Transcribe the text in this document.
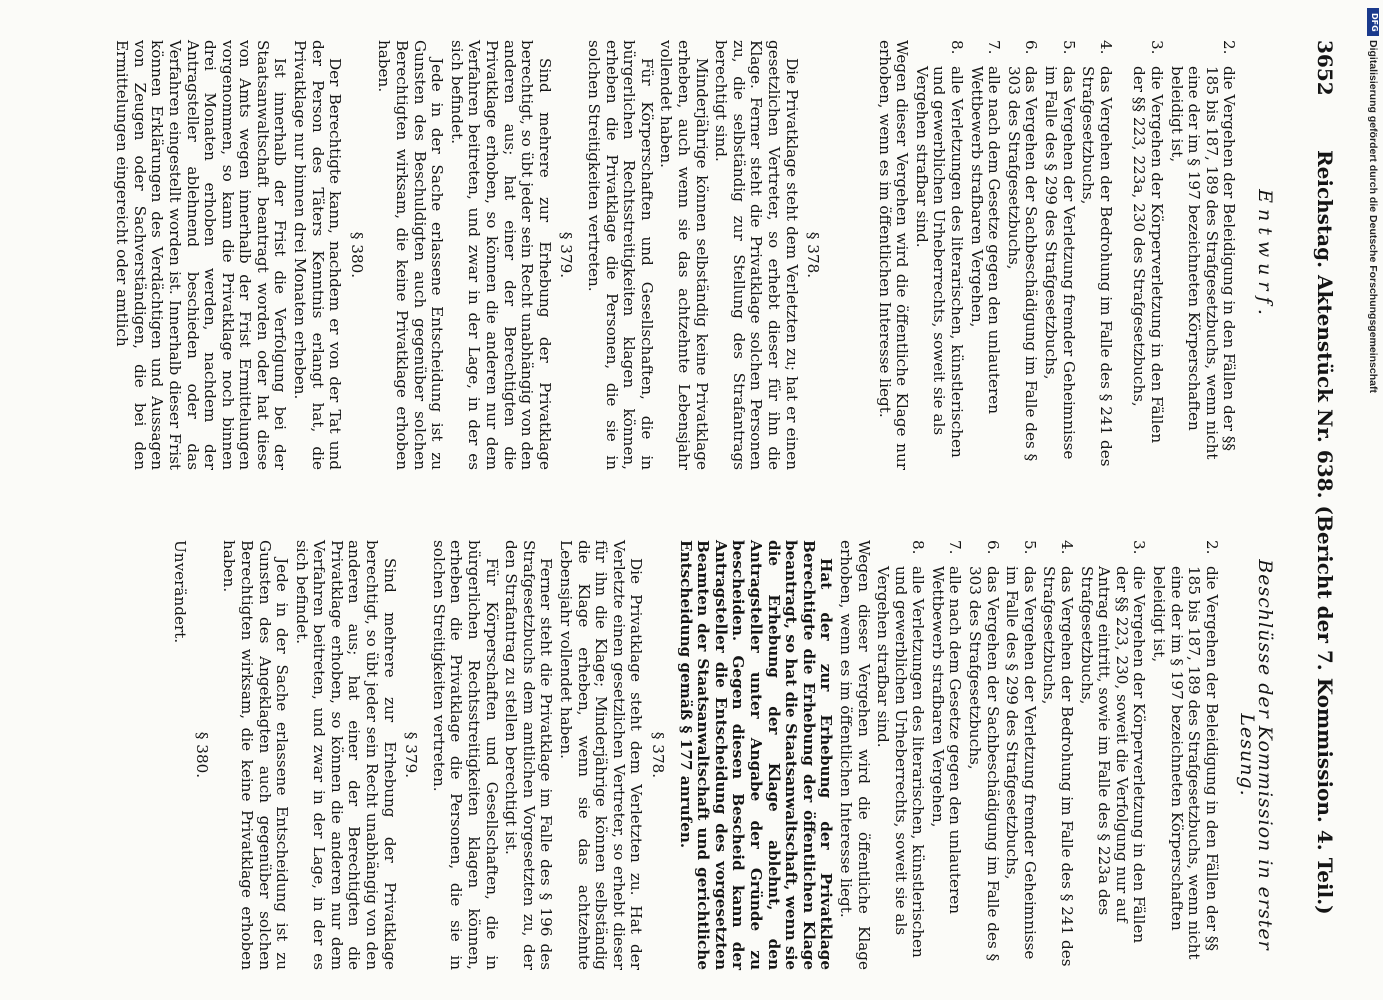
3652
Reichstag. Aktenstück Nr. 638. (Bericht der 7. Kommission. 4. Teil.)
Entwurf.
2.
die Vergehen der Beleidigung in den Fällen der §§ 185 bis 187, 189 des Strafgesetzbuchs, wenn nicht eine der im § 197 bezeichneten Körperschaften beleidigt ist,
3.
die Vergehen der Körperverletzung in den Fällen der §§ 223, 223a, 230 des Strafgesetzbuchs,
4.
das Vergehen der Bedrohung im Falle des § 241 des Strafgesetzbuchs,
5.
das Vergehen der Verletzung fremder Geheimnisse im Falle des § 299 des Strafgesetzbuchs,
6.
das Vergehen der Sachbeschädigung im Falle des § 303 des Strafgesetzbuchs,
7.
alle nach dem Gesetze gegen den unlauteren Wettbewerb strafbaren Vergehen,
8.
alle Verletzungen des literarischen, künstlerischen und gewerblichen Urheberrechts, soweit sie als Vergehen strafbar sind.

Wegen dieser Vergehen wird die öffentliche Klage nur erhoben, wenn es im öffentlichen Interesse liegt.

§ 378.

Die Privatklage steht dem Verletzten zu; hat er einen gesetzlichen Vertreter, so erhebt dieser für ihn die Klage. Ferner steht die Privatklage solchen Personen zu, die selbständig zur Stellung des Strafantrags berechtigt sind.

Minderjährige können selbständig keine Privatklage erheben, auch wenn sie das achtzehnte Lebensjahr vollendet haben.

Für Körperschaften und Gesellschaften, die in bürgerlichen Rechtsstreitigkeiten klagen können, erheben die Privatklage die Personen, die sie in solchen Streitigkeiten vertreten.

§ 379.

Sind mehrere zur Erhebung der Privatklage berechtigt, so übt jeder sein Recht unabhängig von den anderen aus; hat einer der Berechtigten die Privatklage erhoben, so können die anderen nur dem Verfahren beitreten, und zwar in der Lage, in der es sich befindet.

Jede in der Sache erlassene Entscheidung ist zu Gunsten des Beschuldigten auch gegenüber solchen Berechtigten wirksam, die keine Privatklage erhoben haben.

§ 380.

Der Berechtigte kann, nachdem er von der Tat und der Person des Täters Kenntnis erlangt hat, die Privatklage nur binnen drei Monaten erheben.

Ist innerhalb der Frist die Verfolgung bei der Staatsanwaltschaft beantragt worden oder hat diese von Amts wegen innerhalb der Frist Ermittelungen vorgenommen, so kann die Privatklage noch binnen drei Monaten erhoben werden, nachdem der Antragsteller ablehnend beschieden oder das Verfahren eingestellt worden ist. Innerhalb dieser Frist können Erklärungen des Verdächtigen und Aussagen von Zeugen oder Sachverständigen, die bei den Ermittelungen eingereicht oder amtlich

Beschlüsse der Kommission in erster Lesung.
2.
die Vergehen der Beleidigung in den Fällen der §§ 185 bis 187, 189 des Strafgesetzbuchs, wenn nicht eine der im § 197 bezeichneten Körperschaften beleidigt ist,
3.
die Vergehen der Körperverletzung in den Fällen der §§ 223, 230, soweit die Verfolgung nur auf Antrag eintritt, sowie im Falle des § 223a des Strafgesetzbuchs,
4.
das Vergehen der Bedrohung im Falle des § 241 des Strafgesetzbuchs,
5.
das Vergehen der Verletzung fremder Geheimnisse im Falle des § 299 des Strafgesetzbuchs,
6.
das Vergehen der Sachbeschädigung im Falle des § 303 des Strafgesetzbuchs,
7.
alle nach dem Gesetze gegen den unlauteren Wettbewerb strafbaren Vergehen,
8.
alle Verletzungen des literarischen, künstlerischen und gewerblichen Urheberrechts, soweit sie als Vergehen strafbar sind.

Wegen dieser Vergehen wird die öffentliche Klage erhoben, wenn es im öffentlichen Interesse liegt.

Hat der zur Erhebung der Privatklage Berechtigte die Erhebung der öffentlichen Klage beantragt, so hat die Staatsanwaltschaft, wenn sie die Erhebung der Klage ablehnt, den Antragsteller unter Angabe der Gründe zu bescheiden. Gegen diesen Bescheid kann der Antragsteller die Entscheidung des vorgesetzten Beamten der Staatsanwaltschaft und gerichtliche Entscheidung gemäß § 177 anrufen.

§ 378.

Die Privatklage steht dem Verletzten zu. Hat der Verletzte einen gesetzlichen Vertreter, so erhebt dieser für ihn die Klage; Minderjährige können selbständig die Klage erheben, wenn sie das achtzehnte Lebensjahr vollendet haben.

Ferner steht die Privatklage im Falle des § 196 des Strafgesetzbuchs dem amtlichen Vorgesetzten zu, der den Strafantrag zu stellen berechtigt ist.

Für Körperschaften und Gesellschaften, die in bürgerlichen Rechtsstreitigkeiten klagen können, erheben die Privatklage die Personen, die sie in solchen Streitigkeiten vertreten.

§ 379.

Sind mehrere zur Erhebung der Privatklage berechtigt, so übt jeder sein Recht unabhängig von den anderen aus; hat einer der Berechtigten die Privatklage erhoben, so können die anderen nur dem Verfahren beitreten, und zwar in der Lage, in der es sich befindet.

Jede in der Sache erlassene Entscheidung ist zu Gunsten des Angeklagten auch gegenüber solchen Berechtigten wirksam, die keine Privatklage erhoben haben.

§ 380.

Unverändert.

DFG
Digitalisierung gefördert durch die Deutsche Forschungsgemeinschaft
